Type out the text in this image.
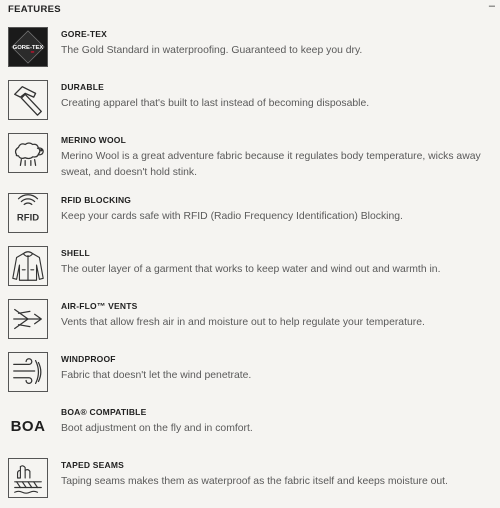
FEATURES	–
GORE-TEX
GORE-TEX
The Gold Standard in waterproofing. Guaranteed to keep you dry.
DURABLE
Creating apparel that's built to last instead of becoming disposable.
MERINO WOOL
Merino Wool is a great adventure fabric because it regulates body temperature, wicks away sweat, and doesn't hold stink.
RFID
RFID BLOCKING
Keep your cards safe with RFID (Radio Frequency Identification) Blocking.
SHELL
The outer layer of a garment that works to keep water and wind out and warmth in.
AIR-FLO™ VENTS
Vents that allow fresh air in and moisture out to help regulate your temperature.
WINDPROOF
Fabric that doesn't let the wind penetrate.
BOA
BOA® COMPATIBLE
Boot adjustment on the fly and in comfort.
TAPED SEAMS
Taping seams makes them as waterproof as the fabric itself and keeps moisture out.
